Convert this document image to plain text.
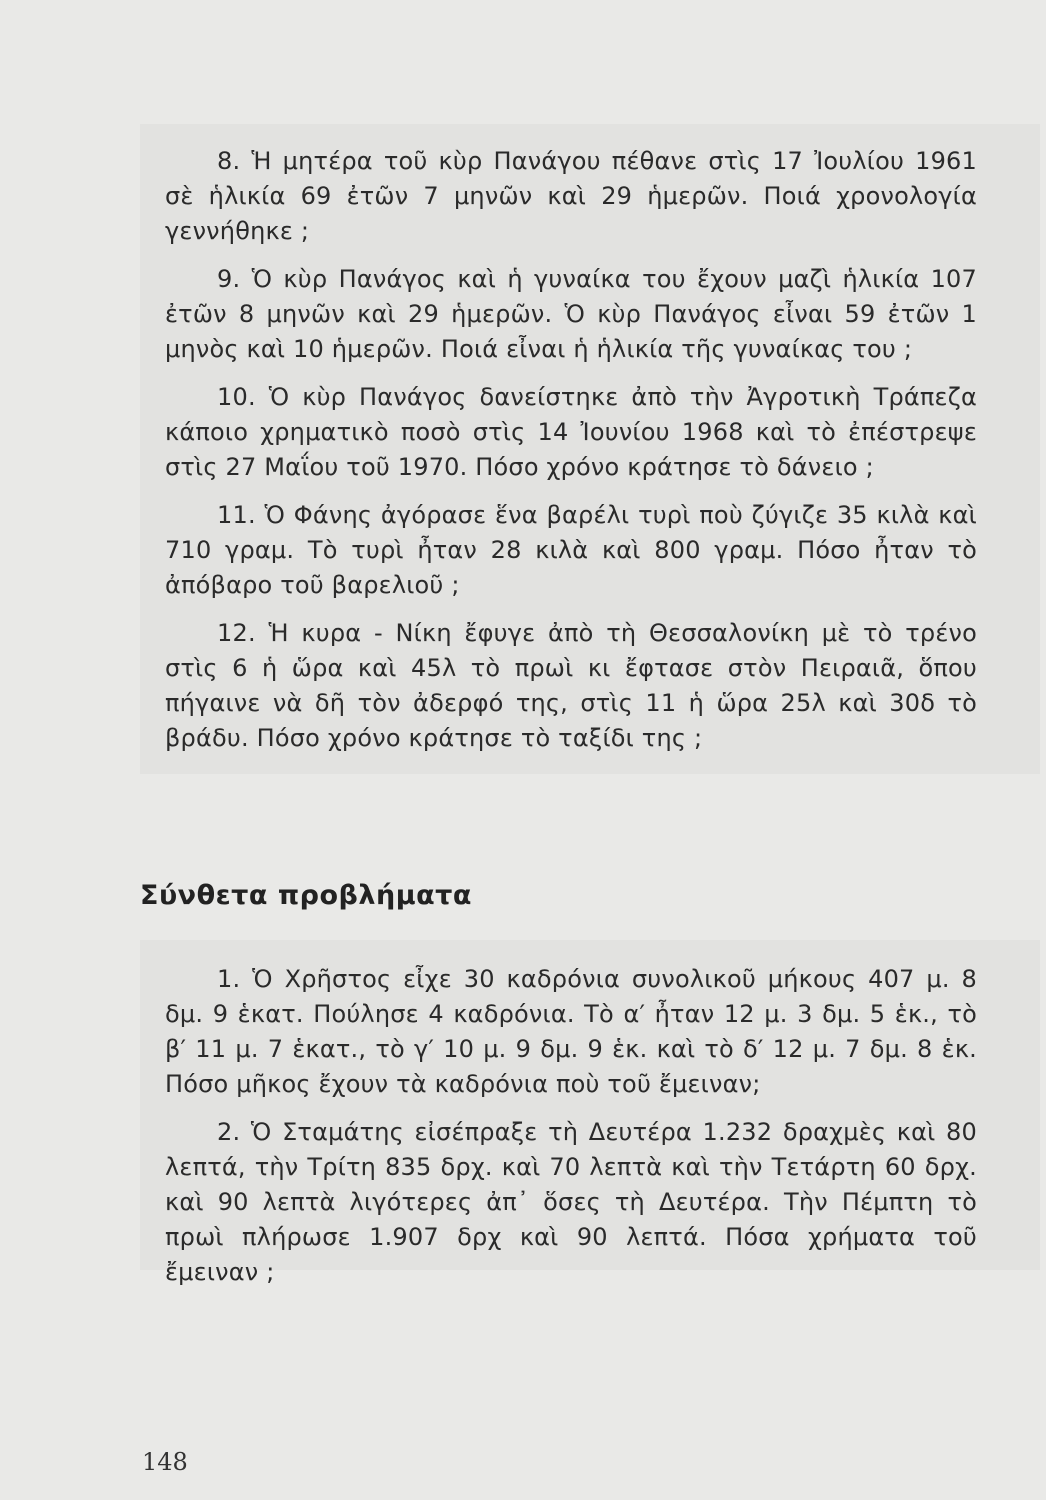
8. Ἡ μητέρα τοῦ κὺρ Πανάγου πέθανε στὶς 17 Ἰουλίου 1961 σὲ ἡλικία 69 ἐτῶν 7 μηνῶν καὶ 29 ἡμερῶν. Ποιά χρονολογία γεννήθηκε ;

9. Ὁ κὺρ Πανάγος καὶ ἡ γυναίκα του ἔχουν μαζὶ ἡλικία 107 ἐτῶν 8 μηνῶν καὶ 29 ἡμερῶν. Ὁ κὺρ Πανάγος εἶναι 59 ἐτῶν 1 μηνὸς καὶ 10 ἡμερῶν. Ποιά εἶναι ἡ ἡλικία τῆς γυναίκας του ;

10. Ὁ κὺρ Πανάγος δανείστηκε ἀπὸ τὴν Ἀγροτικὴ Τράπεζα κάποιο χρηματικὸ ποσὸ στὶς 14 Ἰουνίου 1968 καὶ τὸ ἐπέστρεψε στὶς 27 Μαΐου τοῦ 1970. Πόσο χρόνο κράτησε τὸ δάνειο ;

11. Ὁ Φάνης ἀγόρασε ἕνα βαρέλι τυρὶ ποὺ ζύγιζε 35 κιλὰ καὶ 710 γραμ. Τὸ τυρὶ ἦταν 28 κιλὰ καὶ 800 γραμ. Πόσο ἦταν τὸ ἀπόβαρο τοῦ βαρελιοῦ ;

12. Ἡ κυρα - Νίκη ἔφυγε ἀπὸ τὴ Θεσσαλονίκη μὲ τὸ τρένο στὶς 6 ἡ ὥρα καὶ 45λ τὸ πρωὶ κι ἔφτασε στὸν Πειραιᾶ, ὅπου πήγαινε νὰ δῆ τὸν ἀδερφό της, στὶς 11 ἡ ὥρα 25λ καὶ 30δ τὸ βράδυ. Πόσο χρόνο κράτησε τὸ ταξίδι της ;

Σύνθετα προβλήματα

1. Ὁ Χρῆστος εἶχε 30 καδρόνια συνολικοῦ μήκους 407 μ. 8 δμ. 9 ἑκατ. Πούλησε 4 καδρόνια. Τὸ α′ ἦταν 12 μ. 3 δμ. 5 ἑκ., τὸ β′ 11 μ. 7 ἑκατ., τὸ γ′ 10 μ. 9 δμ. 9 ἑκ. καὶ τὸ δ′ 12 μ. 7 δμ. 8 ἑκ. Πόσο μῆκος ἔχουν τὰ καδρόνια ποὺ τοῦ ἔμειναν;

2. Ὁ Σταμάτης εἰσέπραξε τὴ Δευτέρα 1.232 δραχμὲς καὶ 80 λεπτά, τὴν Τρίτη 835 δρχ. καὶ 70 λεπτὰ καὶ τὴν Τετάρτη 60 δρχ. καὶ 90 λεπτὰ λιγότερες ἀπ᾽ ὅσες τὴ Δευτέρα. Τὴν Πέμπτη τὸ πρωὶ πλήρωσε 1.907 δρχ καὶ 90 λεπτά. Πόσα χρήματα τοῦ ἔμειναν ;

148
